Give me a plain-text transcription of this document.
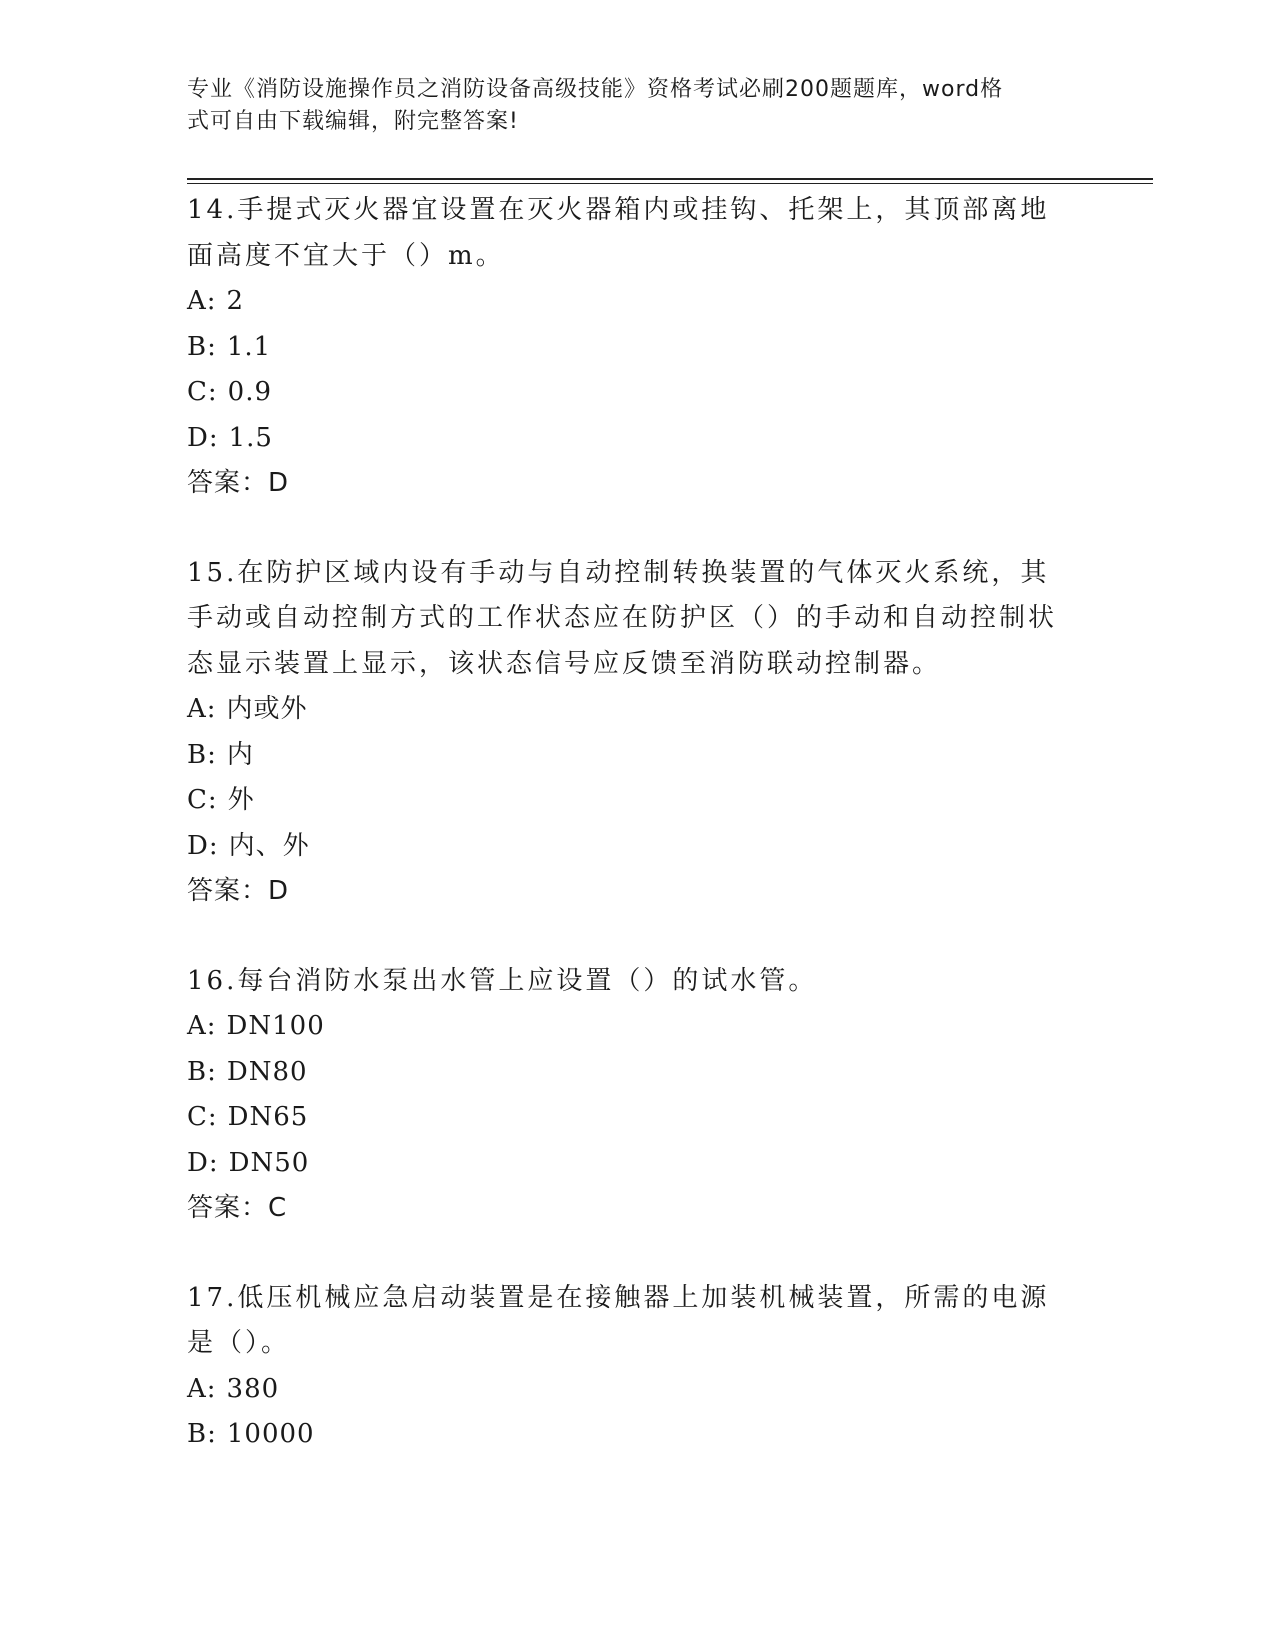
专业《消防设施操作员之消防设备高级技能》资格考试必刷200题题库，word格
式可自由下载编辑，附完整答案!
14.手提式灭火器宜设置在灭火器箱内或挂钩、托架上，其顶部离地面高度不宜大于（）m。
A: 2
B: 1.1
C: 0.9
D: 1.5
答案：D
15.在防护区域内设有手动与自动控制转换装置的气体灭火系统，其手动或自动控制方式的工作状态应在防护区（）的手动和自动控制状态显示装置上显示，该状态信号应反馈至消防联动控制器。
A: 内或外
B: 内
C: 外
D: 内、外
答案：D
16.每台消防水泵出水管上应设置（）的试水管。
A: DN100
B: DN80
C: DN65
D: DN50
答案：C
17.低压机械应急启动装置是在接触器上加装机械装置，所需的电源是（）。
A: 380
B: 10000
